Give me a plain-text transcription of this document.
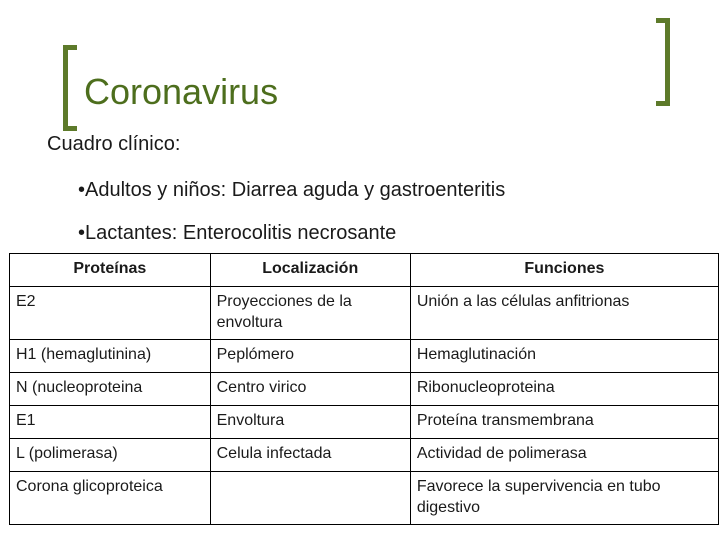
Coronavirus
Cuadro clínico:
•Adultos y niños: Diarrea aguda y gastroenteritis
•Lactantes: Enterocolitis necrosante
Proteínas	Localización	Funciones
E2	Proyecciones de la envoltura	Unión a las células anfitrionas
H1 (hemaglutinina)	Peplómero	Hemaglutinación
N (nucleoproteina	Centro virico	Ribonucleoproteina
E1	Envoltura	Proteína transmembrana
L (polimerasa)	Celula infectada	Actividad de polimerasa
Corona glicoproteica		Favorece la supervivencia en tubo digestivo
